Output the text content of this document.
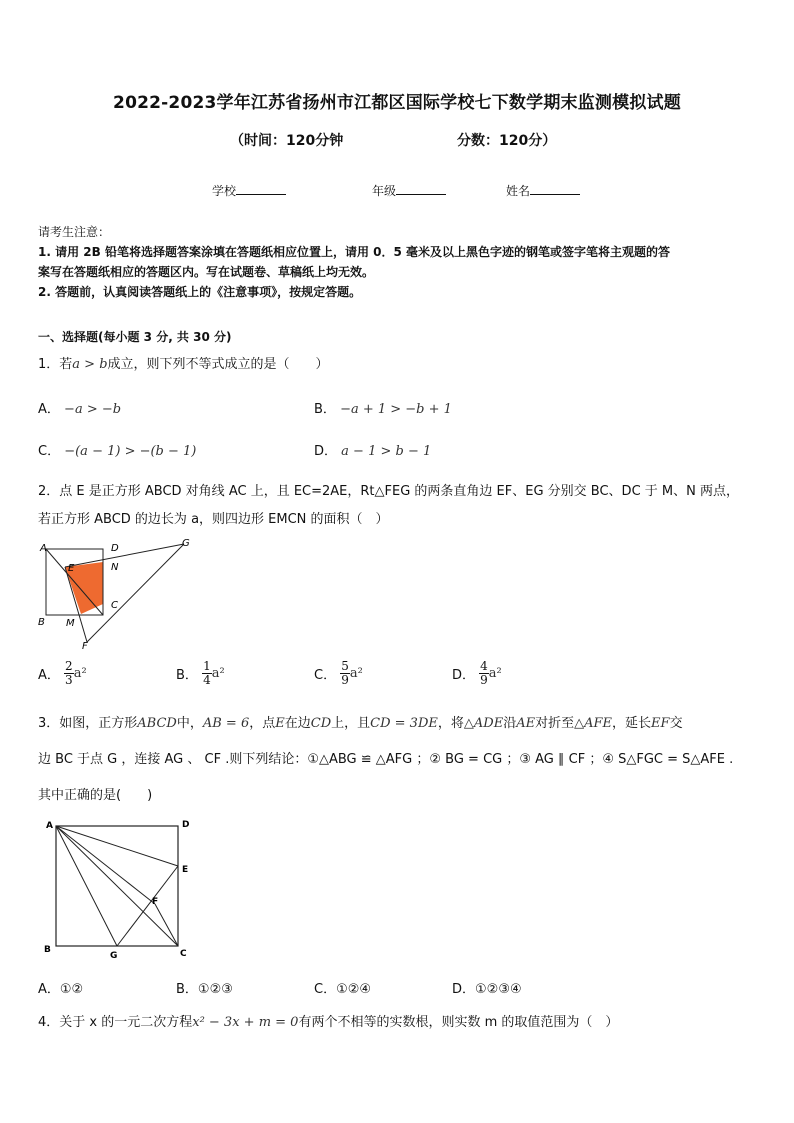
2022-2023学年江苏省扬州市江都区国际学校七下数学期末监测模拟试题
（时间：120分钟	分数：120分）
学校	年级	姓名
请考生注意：
1. 请用 2B 铅笔将选择题答案涂填在答题纸相应位置上，请用 0．5 毫米及以上黑色字迹的钢笔或签字笔将主观题的答
案写在答题纸相应的答题区内。写在试题卷、草稿纸上均无效。
2. 答题前，认真阅读答题纸上的《注意事项》，按规定答题。
一、选择题(每小题 3 分, 共 30 分)
1．若a > b成立，则下列不等式成立的是（　　）
A． −a > −b	B． −a + 1 > −b + 1
C． −(a − 1) > −(b − 1)	D． a − 1 > b − 1
2．点 E 是正方形 ABCD 对角线 AC 上，且 EC=2AE，Rt△FEG 的两条直角边 EF、EG 分别交 BC、DC 于 M、N 两点，
若正方形 ABCD 的边长为 a，则四边形 EMCN 的面积（　）
A	D	G
E	N
C
B M
F
A． $\frac{2}{3} a^2$	B． $\frac{1}{4} a^2$	C． $\frac{5}{9} a^2$	D． $\frac{4}{9} a^2$
3．如图，正方形ABCD中，AB = 6，点E在边CD上，且CD = 3DE，将△ADE沿AE对折至△AFE，延长EF交
边 BC 于点 G ，连接 AG 、 CF .则下列结论：①△ABG ≌ △AFG ；② BG = CG ；③ AG ∥ CF ；④ S△FGC = S△AFE .
其中正确的是(　　)
A	D
E
F
B
G	C
A．①②	B．①②③	C．①②④	D．①②③④
4．关于 x 的一元二次方程x² − 3x + m = 0有两个不相等的实数根，则实数 m 的取值范围为（　）
